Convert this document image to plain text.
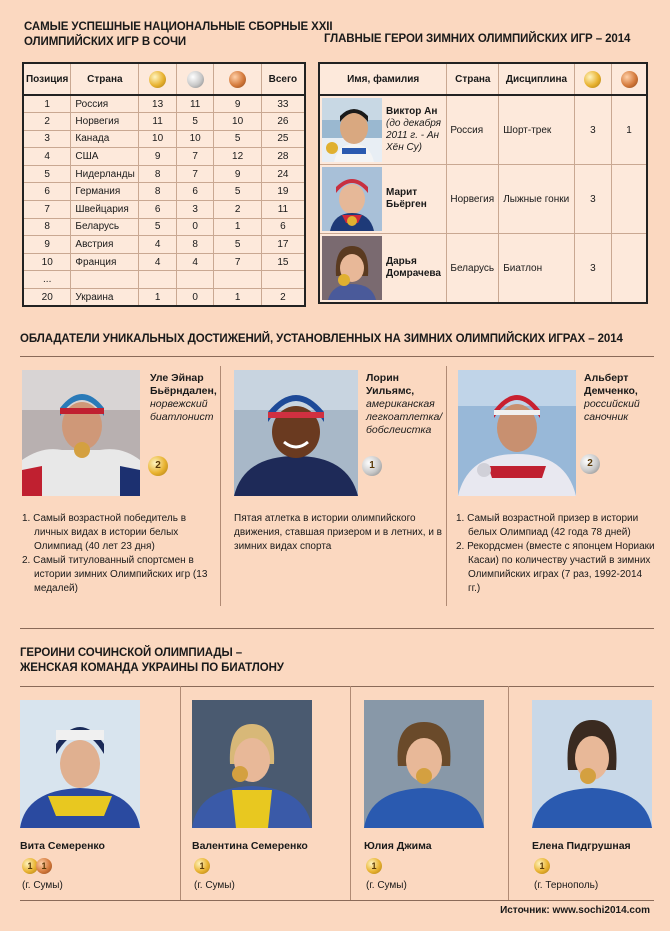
САМЫЕ УСПЕШНЫЕ НАЦИОНАЛЬНЫЕ СБОРНЫЕ XXII
ОЛИМПИЙСКИХ ИГР В СОЧИ
Позиция	Страна				Всего
1	Россия	13	11	9	33
2	Норвегия	11	5	10	26
3	Канада	10	10	5	25
4	США	9	7	12	28
5	Нидерланды	8	7	9	24
6	Германия	8	6	5	19
7	Швейцария	6	3	2	11
8	Беларусь	5	0	1	6
9	Австрия	4	8	5	17
10	Франция	4	4	7	15
...					
20	Украина	1	0	1	2
ГЛАВНЫЕ ГЕРОИ ЗИМНИХ ОЛИМПИЙСКИХ ИГР – 2014
Имя, фамилия	Страна	Дисциплина		

Виктор Ан
(до декабря 2011 г. - Ан Хён Су)	Россия	Шорт-трек	3	1

Марит Бьёрген	Норвегия	Лыжные гонки	3	

Дарья Домрачева	Беларусь	Биатлон	3	
ОБЛАДАТЕЛИ УНИКАЛЬНЫХ ДОСТИЖЕНИЙ, УСТАНОВЛЕННЫХ НА ЗИМНИХ ОЛИМПИЙСКИХ ИГРАХ – 2014
Уле Эйнар
Бьёрндален,
норвежский биатлонист
2
1. Самый возрастной победитель в личных видах в истории белых Олимпиад (40 лет 23 дня)
2. Самый титулованный спортсмен в истории зимних Олимпийских игр (13 медалей)
Лорин
Уильямс,
американская легкоатлетка/ бобслеистка
1
Пятая атлетка в истории олимпийского движения, ставшая призером и в летних, и в зимних видах спорта
Альберт
Демченко,
российский саночник
2
1. Самый возрастной призер в истории белых Олимпиад (42 года 78 дней)
2. Рекордсмен (вместе с японцем Нориаки Касаи) по количеству участий в зимних Олимпийских играх (7 раз, 1992-2014 гг.)
ГЕРОИНИ СОЧИНСКОЙ ОЛИМПИАДЫ –
ЖЕНСКАЯ КОМАНДА УКРАИНЫ ПО БИАТЛОНУ
Вита Семеренко
1 1
(г. Сумы)
Валентина Семеренко
1
(г. Сумы)
Юлия Джима
1
(г. Сумы)
Елена Пидгрушная
1
(г. Тернополь)
Источник: www.sochi2014.com
